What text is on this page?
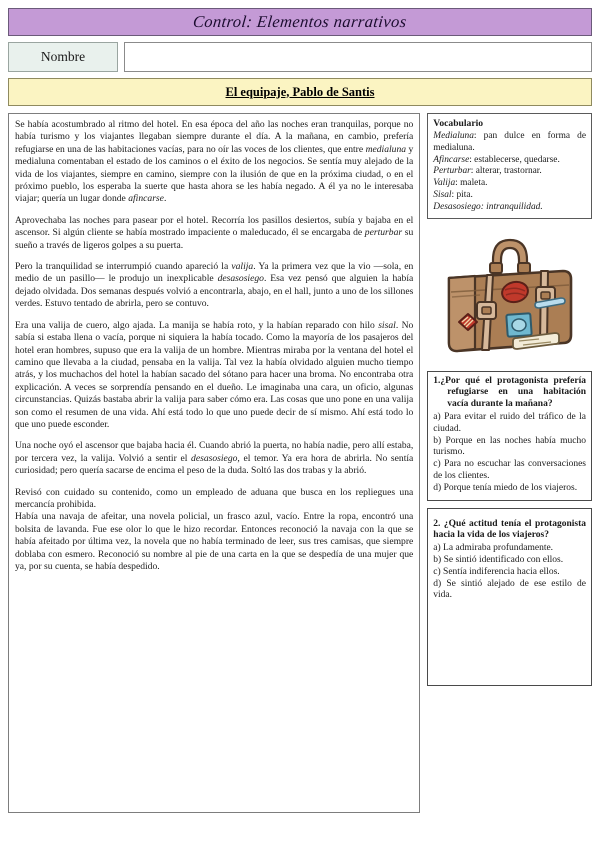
Control: Elementos narrativos
Nombre
El equipaje, Pablo de Santis

Se había acostumbrado al ritmo del hotel. En esa época del año las noches eran tranquilas, porque no había turismo y los viajantes llegaban siempre durante el día. A la mañana, en cambio, prefería refugiarse en una de las habitaciones vacías, para no oír las voces de los clientes, que entre medialuna y medialuna comentaban el estado de los caminos o el éxito de los negocios. Se sentía muy alejado de la vida de los viajantes, siempre en camino, siempre con la ilusión de que en la próxima ciudad, o en el próximo pueblo, los esperaba la suerte que hasta ahora se les había negado. A él ya no le interesaba viajar; quería un lugar donde afincarse.

Aprovechaba las noches para pasear por el hotel. Recorría los pasillos desiertos, subía y bajaba en el ascensor. Si algún cliente se había mostrado impaciente o maleducado, él se encargaba de perturbar su sueño a través de ligeros golpes a su puerta.

Pero la tranquilidad se interrumpió cuando apareció la valija. Ya la primera vez que la vio —sola, en medio de un pasillo— le produjo un inexplicable desasosiego. Esa vez pensó que alguien la había dejado olvidada. Dos semanas después volvió a encontrarla, abajo, en el hall, junto a uno de los sillones verdes. Estuvo tentado de abrirla, pero se contuvo.

Era una valija de cuero, algo ajada. La manija se había roto, y la habían reparado con hilo sisal. No sabía si estaba llena o vacía, porque ni siquiera la había tocado. Como la mayoría de los pasajeros del hotel eran hombres, supuso que era la valija de un hombre. Mientras miraba por la ventana del hotel el camino que llevaba a la ciudad, pensaba en la valija. Tal vez la había olvidado alguien mucho tiempo atrás, y los muchachos del hotel la habían sacado del sótano para hacer una broma. No encontraba otra explicación. A veces se sorprendía pensando en el dueño. Le imaginaba una cara, un oficio, algunas circunstancias. Quizás bastaba abrir la valija para saber cómo era. Las cosas que uno pone en una valija son como el resumen de una vida. Ahí está todo lo que uno puede decir de sí mismo. Ahí está todo lo que uno puede esconder.

Una noche oyó el ascensor que bajaba hacia él. Cuando abrió la puerta, no había nadie, pero allí estaba, por tercera vez, la valija. Volvió a sentir el desasosiego, el temor. Ya era hora de abrirla. No sentía curiosidad; pero quería sacarse de encima el peso de la duda. Soltó las dos trabas y la abrió.

Revisó con cuidado su contenido, como un empleado de aduana que busca en los repliegues una mercancía prohibida.

Había una navaja de afeitar, una novela policial, un frasco azul, vacío. Entre la ropa, encontró una bolsita de lavanda. Fue ese olor lo que le hizo recordar. Entonces reconoció la navaja con la que se había afeitado por última vez, la novela que no había terminado de leer, sus tres camisas, que siempre doblaba con esmero. Reconoció su nombre al pie de una carta en la que se despedía de una mujer que ya, por su cuenta, se había despedido.

Vocabulario
Medialuna: pan dulce en forma de medialuna.
Afincarse: establecerse, quedarse.
Perturbar: alterar, trastornar.
Valija: maleta.
Sisal: pita.
Desasosiego: intranquilidad.

1.¿Por qué el protagonista prefería refugiarse en una habitación vacía durante la mañana?

a) Para evitar el ruido del tráfico de la ciudad.

b) Porque en las noches había mucho turismo.

c) Para no escuchar las conversaciones de los clientes.

d) Porque tenía miedo de los viajeros.

2. ¿Qué actitud tenía el protagonista hacia la vida de los viajeros?

a) La admiraba profundamente.

b) Se sintió identificado con ellos.

c) Sentía indiferencia hacia ellos.

d) Se sintió alejado de ese estilo de vida.
